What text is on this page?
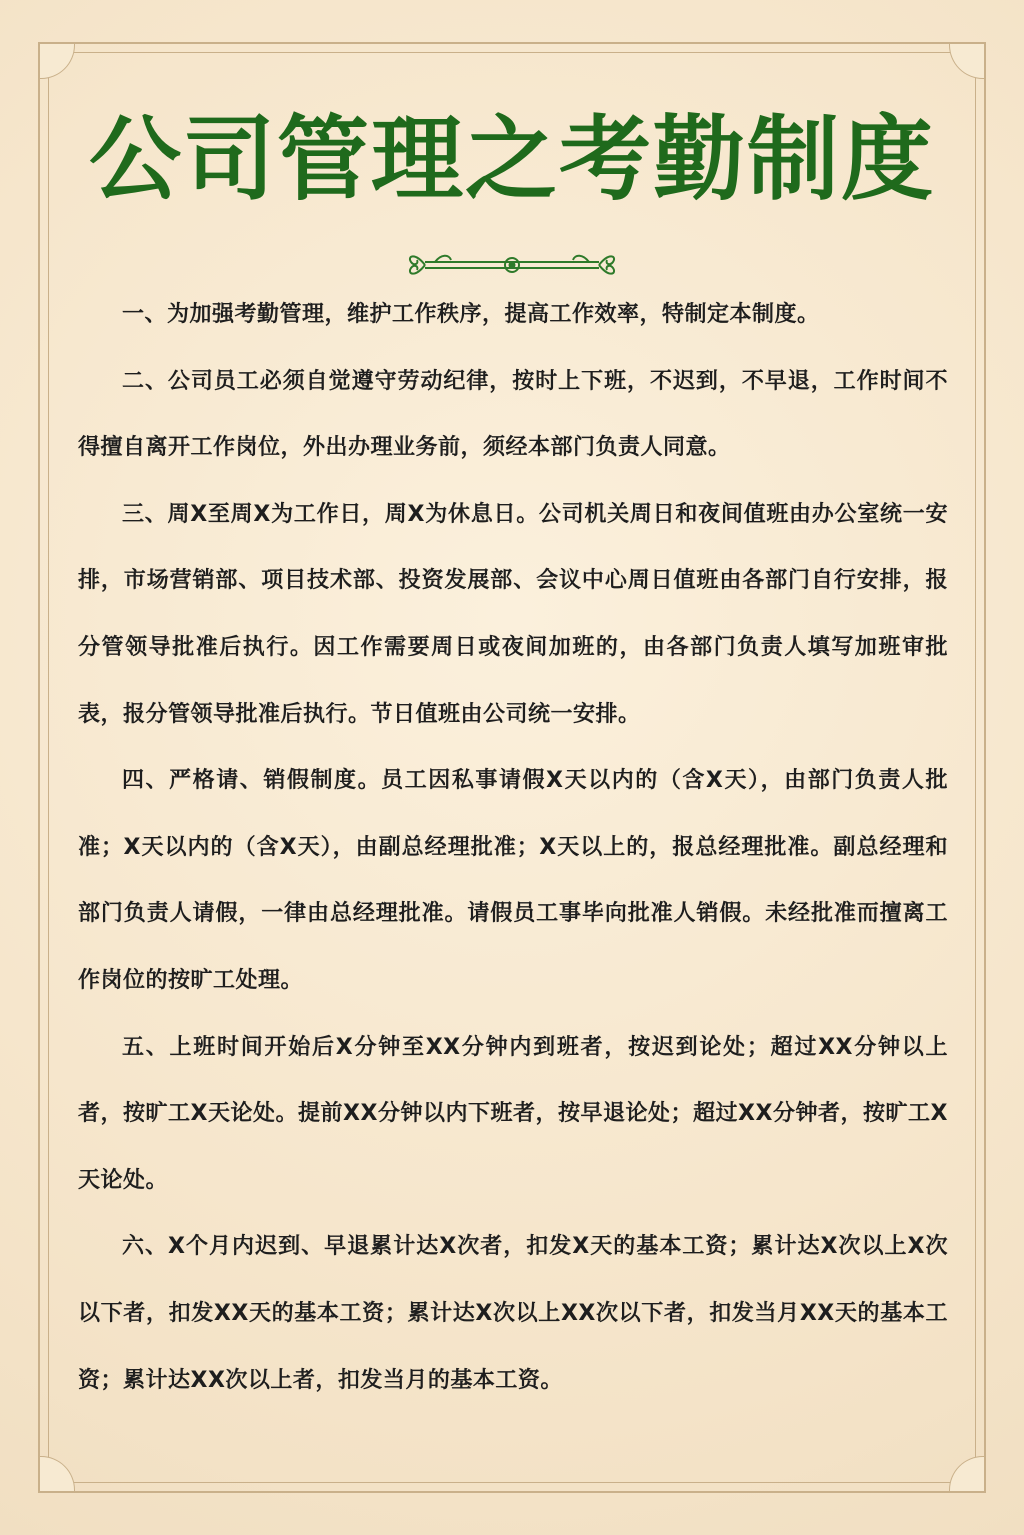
公司管理之考勤制度

一、为加强考勤管理，维护工作秩序，提高工作效率，特制定本制度。

二、公司员工必须自觉遵守劳动纪律，按时上下班，不迟到，不早退，工作时间不得擅自离开工作岗位，外出办理业务前，须经本部门负责人同意。

三、周X至周X为工作日，周X为休息日。公司机关周日和夜间值班由办公室统一安排，市场营销部、项目技术部、投资发展部、会议中心周日值班由各部门自行安排，报分管领导批准后执行。因工作需要周日或夜间加班的，由各部门负责人填写加班审批表，报分管领导批准后执行。节日值班由公司统一安排。

四、严格请、销假制度。员工因私事请假X天以内的（含X天），由部门负责人批准；X天以内的（含X天），由副总经理批准；X天以上的，报总经理批准。副总经理和部门负责人请假，一律由总经理批准。请假员工事毕向批准人销假。未经批准而擅离工作岗位的按旷工处理。

五、上班时间开始后X分钟至XX分钟内到班者，按迟到论处；超过XX分钟以上者，按旷工X天论处。提前XX分钟以内下班者，按早退论处；超过XX分钟者，按旷工X天论处。

六、X个月内迟到、早退累计达X次者，扣发X天的基本工资；累计达X次以上X次以下者，扣发XX天的基本工资；累计达X次以上XX次以下者，扣发当月XX天的基本工资；累计达XX次以上者，扣发当月的基本工资。
